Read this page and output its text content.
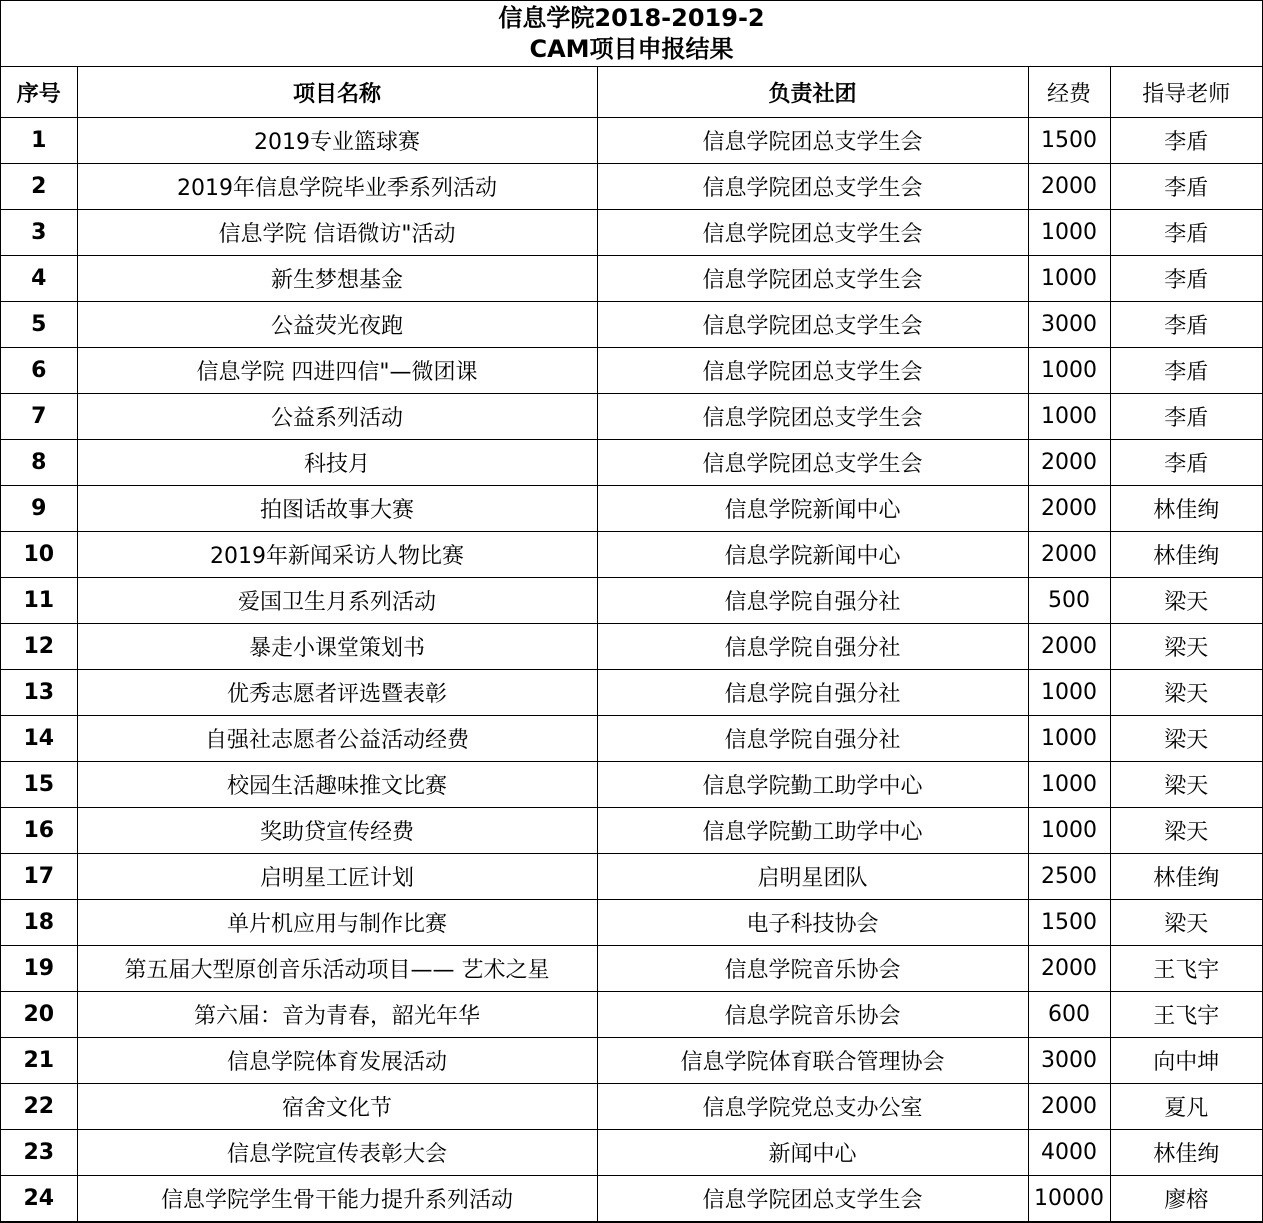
信息学院2018-2019-2
CAM项目申报结果
序号	项目名称	负责社团	经费	指导老师
1	2019专业篮球赛	信息学院团总支学生会	1500	李盾
2	2019年信息学院毕业季系列活动	信息学院团总支学生会	2000	李盾
3	信息学院 信语微访"活动	信息学院团总支学生会	1000	李盾
4	新生梦想基金	信息学院团总支学生会	1000	李盾
5	公益荧光夜跑	信息学院团总支学生会	3000	李盾
6	信息学院 四进四信"—微团课	信息学院团总支学生会	1000	李盾
7	公益系列活动	信息学院团总支学生会	1000	李盾
8	科技月	信息学院团总支学生会	2000	李盾
9	拍图话故事大赛	信息学院新闻中心	2000	林佳绚
10	2019年新闻采访人物比赛	信息学院新闻中心	2000	林佳绚
11	爱国卫生月系列活动	信息学院自强分社	500	梁天
12	暴走小课堂策划书	信息学院自强分社	2000	梁天
13	优秀志愿者评选暨表彰	信息学院自强分社	1000	梁天
14	自强社志愿者公益活动经费	信息学院自强分社	1000	梁天
15	校园生活趣味推文比赛	信息学院勤工助学中心	1000	梁天
16	奖助贷宣传经费	信息学院勤工助学中心	1000	梁天
17	启明星工匠计划	启明星团队	2500	林佳绚
18	单片机应用与制作比赛	电子科技协会	1500	梁天
19	第五届大型原创音乐活动项目—— 艺术之星	信息学院音乐协会	2000	王飞宇
20	第六届：音为青春，韶光年华	信息学院音乐协会	600	王飞宇
21	信息学院体育发展活动	信息学院体育联合管理协会	3000	向中坤
22	宿舍文化节	信息学院党总支办公室	2000	夏凡
23	信息学院宣传表彰大会	新闻中心	4000	林佳绚
24	信息学院学生骨干能力提升系列活动	信息学院团总支学生会	10000	廖榕
